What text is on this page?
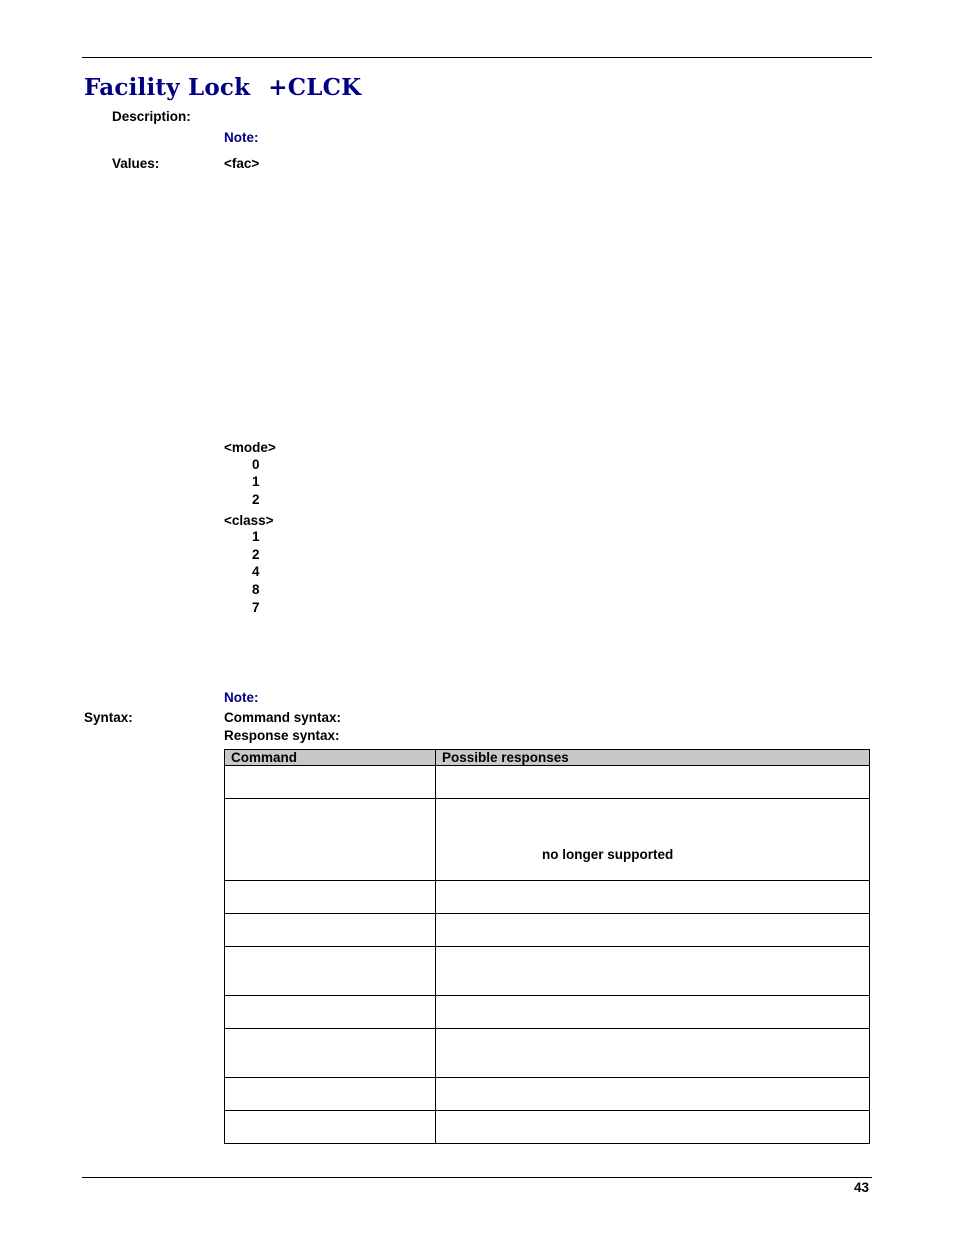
Facility Lock +CLCK
Description:
Note:
Values:	<fac>
<mode>
0
1
2
<class>
1
2
4
8
7
Note:
Syntax:	Command syntax:
Response syntax:
Command	Possible responses

	no longer supported

43
